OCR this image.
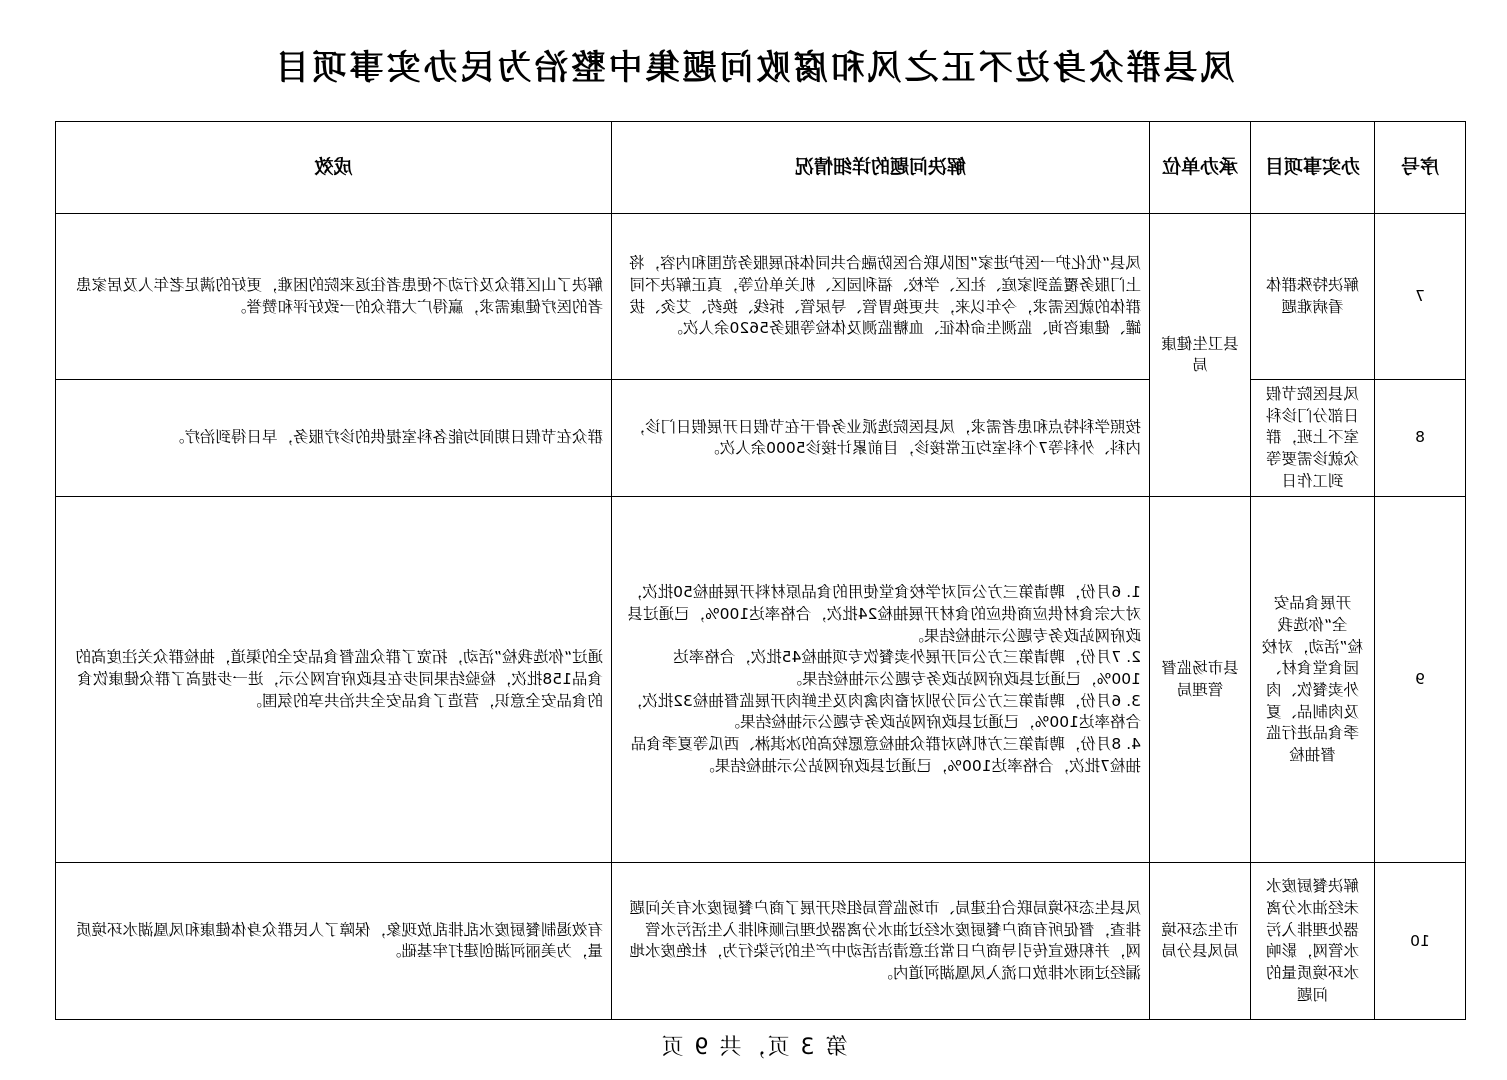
凤县群众身边不正之风和腐败问题集中整治为民办实事项目
序号	办实事项目	承办单位	解决问题的详细情况	成效
7	解决特殊群体看病难题	县卫生健康局	凤县“优化护一医护进家”团队联合医防融合共同体拓展服务范围和内容，将上门服务覆盖到家庭、社区、学校、福利园区、机关单位等，真正解决不同群体的就医需求，今年以来，共更换胃管、导尿管、拆线、换药、艾灸、拔罐、健康咨询、监测生命体征、血糖监测及体检等服务5620余人次。	解决了山区群众及行动不便患者往返来院的困难，更好的满足老年人及居家患者的医疗健康需求，赢得广大群众的一致好评和赞誉。
8	凤县医院节假日部分门诊科室不上班，群众就诊需要等到工作日		按照学科特点和患者需求，凤县医院选派业务骨干在节假日开展假日门诊，内科、外科等7个科室均正常接诊，目前累计接诊5000余人次。	群众在节假日期间均能各科室提供的诊疗服务，早日得到治疗。
9	开展食品安全“你选我检”活动，对校园食堂食材、外卖餐饮、肉及肉制品、夏季食品进行监督抽检	县市场监督管理局	1. 6月份，聘请第三方公司对学校食堂使用的食品原材料开展抽检50批次，对大宗食材供应商供应的食材开展抽检24批次，合格率达100%，已通过县政府网站政务专题公示抽检结果。

2. 7月份，聘请第三方公司开展外卖餐饮专项抽检45批次，合格率达100%，已通过县政府网站政务专题公示抽检结果。

3. 6月份，聘请第三方公司分别对畜肉禽肉及生鲜肉开展监督抽检32批次，合格率达100%，已通过县政府网站政务专题公示抽检结果。

4. 8月份，聘请第三方机构对群众抽检意愿较高的冰淇淋、西瓜等夏季食品抽检7批次，合格率达100%，已通过县政府网站公示抽检结果。	通过“你选我检”活动，拓宽了群众监督食品安全的渠道，抽检群众关注度高的食品158批次，检验结果同步在县政府官网公示，进一步提高了群众健康饮食的食品安全意识，营造了食品安全共治共享的氛围。
10	解决餐厨废水未经油水分离器处理排入污水管网，影响水环境质量的问题	市生态环境局凤县分局	凤县生态环境局联合住建局、市场监管局组织开展了商户餐厨废水有关问题排查，督促所有商户餐厨废水经过油水分离器处理后顺利排入生活污水管网，并积极宣传引导商户日常注意清洁活动中产生的污染行为，杜绝废水地漏经过雨水排放口流入凤凰湖河道内。	有效遏制餐厨废水乱排乱放现象，保障了人民群众身体健康和凤凰湖水环境质量，为美丽河湖创建打牢基础。
第 3 页，共 9 页
